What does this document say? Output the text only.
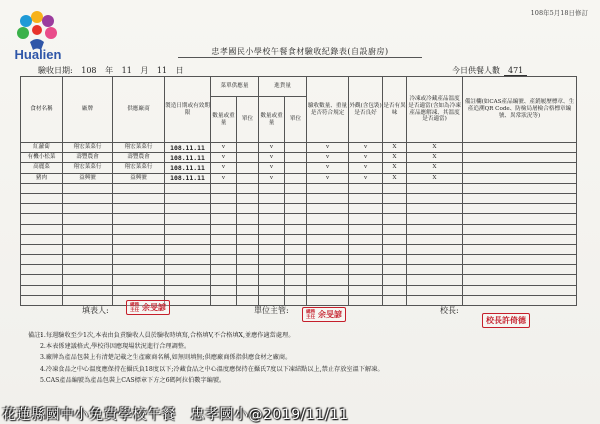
Hualien
108年5月18日修訂
忠孝國民小學校午餐食材驗收紀錄表(自設廚房)
驗收日期: 108 年 11 月 11 日	今日供餐人數 471
食材名稱	廠牌	供應廠商	製造日期或有效期限	菜單供應量		進貨量		驗收數量、重量是否符合規定	外觀(含包裝)是否良好	是否有異味	冷凍或冷藏產品溫度是否適當(含如為冷凍產品應解凍、其溫度是否適當)	備註欄(如CAS產品編號、產銷履歷標章、生產追溯QR Code、防檢局屠檢合格標章編號、異常狀況等)
				數量或重量	單位	數量或重量	單位					
紅蘿蔔	翔宏菜菜行	翔宏菜菜行	108.11.11	v		v		v	v	X	X	
有機小松菜	壽豐農會	壽豐農會	108.11.11	v		v		v	v	X	X	
高麗菜	翔宏菜菜行	翔宏菜菜行	108.11.11	v		v		v	v	X	X	
豬肉	益興號	益興號	108.11.11	v		v		v	v	X	X	

填表人:
總務主任 余旻諺	單位主管:	總務主任 余旻諺	校長:
校長許倚德
備註:
1.每週驗收至少1次,本表由負責驗收人員於驗收時填寫,合格填V,不合格填X,並應作適當處理。
2.本表係建議格式,學校得因應現場狀況進行合理調整。
3.廠牌為產品包裝上有清楚記載之生產廠商名稱,如無則填無;供應廠商係指供應食材之廠商。
4.冷凍食品之中心溫度應保持在攝氏負18度以下;冷藏食品之中心溫度應保持在攝氏7度以下凍結點以上,禁止存放室溫下解凍。
5.CAS產品編號為產品包裝上CAS標章下方之6碼阿拉伯數字編號。
花蓮縣國中小免費學校午餐　忠孝國小@2019/11/11
